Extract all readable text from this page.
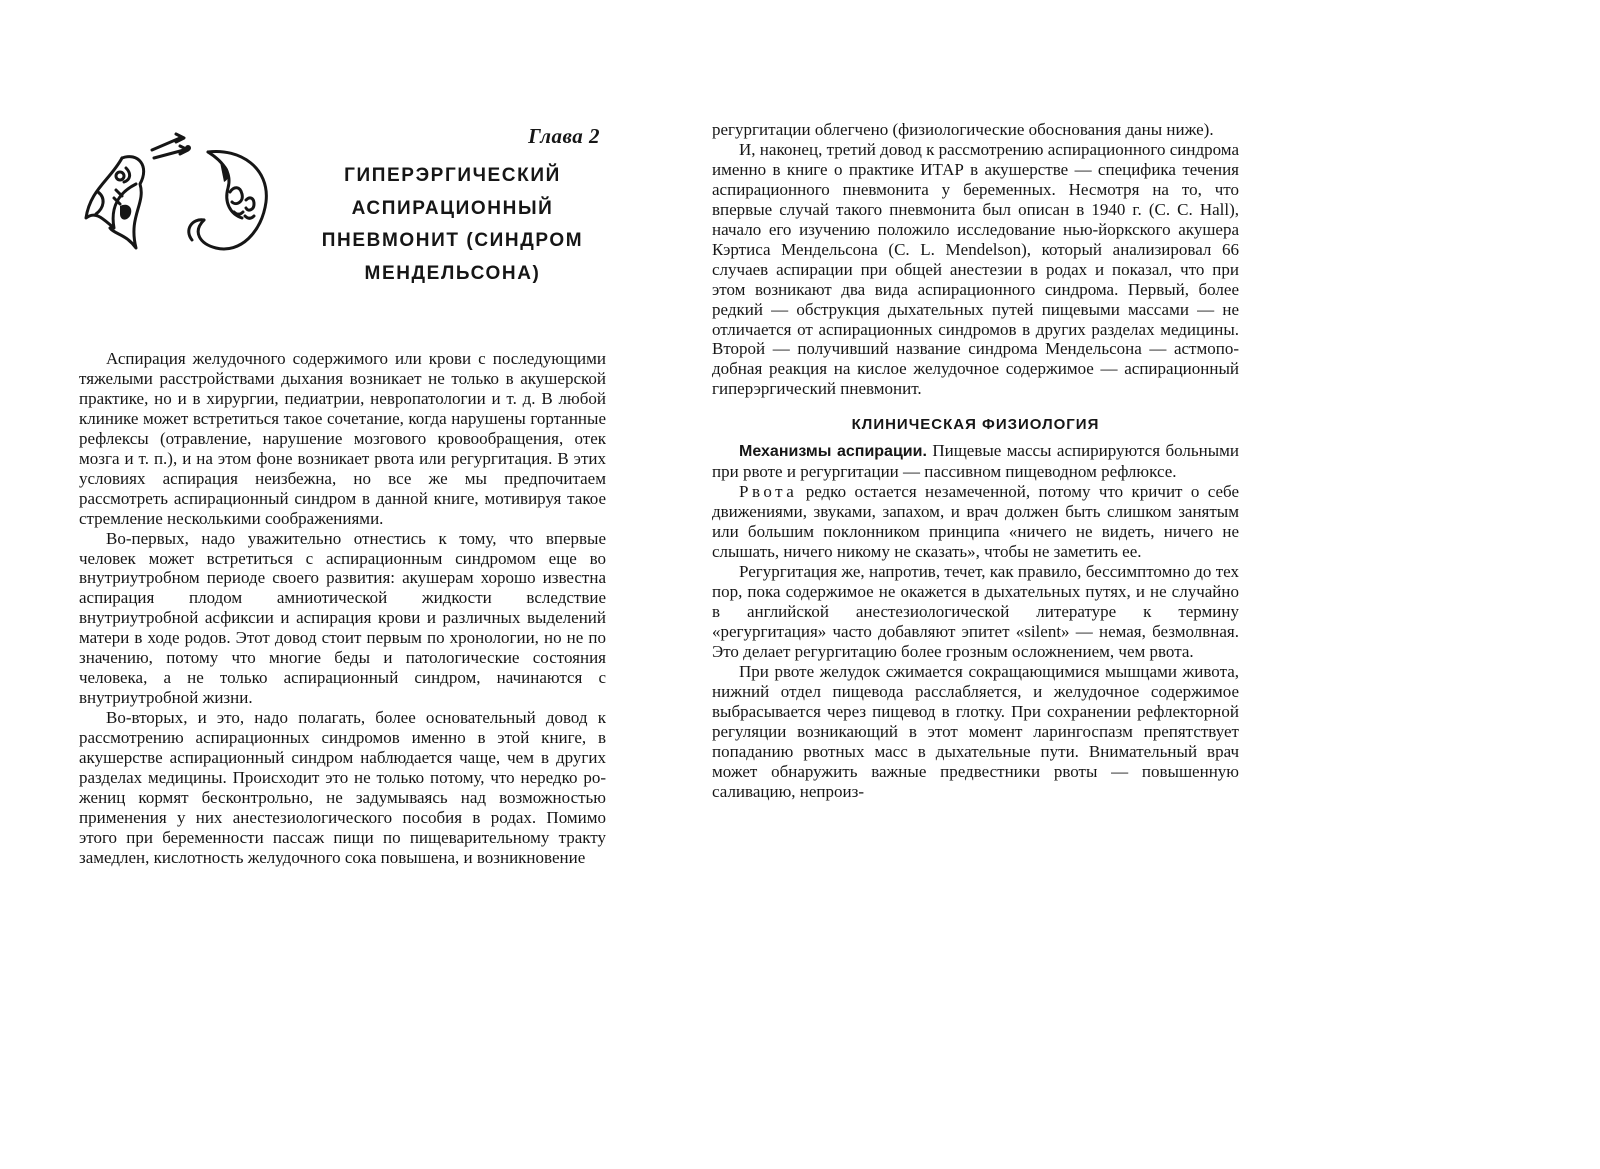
Глава 2

ГИПЕРЭРГИЧЕСКИЙ АСПИРАЦИОННЫЙ ПНЕВМОНИТ (СИНДРОМ МЕНДЕЛЬСОНА)

Аспирация желудочного содержимого или крови с последующими тяжелыми расстройствами дыхания возникает не только в акушерской практике, но и в хирургии, педиатрии, невропатологии и т. д. В любой клинике может встретиться такое сочетание, когда нарушены гортанные рефлексы (отравление, нарушение мозгового кровообращения, отек мозга и т. п.), и на этом фоне возникает рвота или регургитация. В этих условиях аспирация неизбежна, но все же мы предпочитаем рассмотреть аспирационный синдром в данной книге, мотивируя такое стремление несколькими соображениями.

Во-первых, надо уважительно отнестись к тому, что впервые человек может встретиться с аспирационным синдромом еще во внутриутробном периоде своего развития: акушерам хорошо известна аспирация плодом амниотической жидкости вследствие внутриутробной асфиксии и аспирация крови и различных выделений матери в ходе родов. Этот довод стоит первым по хронологии, но не по значению, потому что многие беды и патологические состояния человека, а не только аспирационный синдром, начинаются с внутриутробной жизни.

Во-вторых, и это, надо полагать, более основательный довод к рассмотрению аспирационных синдромов именно в этой книге, в акушерстве аспирационный синдром наблюдается чаще, чем в других разделах медицины. Происходит это не только потому, что нередко рожениц кормят бесконтрольно, не задумываясь над возможностью применения у них анестезиологического пособия в родах. Помимо этого при беременности пассаж пищи по пищеварительному тракту замедлен, кислотность желудочного сока повышена, и возникновение

регургитации облегчено (физиологические обоснования даны ниже).

И, наконец, третий довод к рассмотрению аспирационного синдрома именно в книге о практике ИТАР в акушерстве — специфика течения аспирационного пневмонита у беременных. Несмотря на то, что впервые случай такого пневмонита был описан в 1940 г. (С. С. Hall), начало его изучению положило исследование нью-йоркского акушера Кэртиса Мендельсона (C. L. Mendelson), который анализировал 66 случаев аспирации при общей анестезии в родах и показал, что при этом возникают два вида аспирационного синдрома. Первый, более редкий — обструкция дыхательных путей пищевыми массами — не отличается от аспирационных синдромов в других разделах медицины. Второй — получивший название синдрома Мендельсона — астмоподобная реакция на кислое желудочное содержимое — аспирационный гиперэргический пневмонит.

КЛИНИЧЕСКАЯ ФИЗИОЛОГИЯ

Механизмы аспирации. Пищевые массы аспирируются больными при рвоте и регургитации — пассивном пищеводном рефлюксе.

Рвота редко остается незамеченной, потому что кричит о себе движениями, звуками, запахом, и врач должен быть слишком занятым или большим поклонником принципа «ничего не видеть, ничего не слышать, ничего никому не сказать», чтобы не заметить ее.

Регургитация же, напротив, течет, как правило, бессимптомно до тех пор, пока содержимое не окажется в дыхательных путях, и не случайно в английской анестезиологической литературе к термину «регургитация» часто добавляют эпитет «silent» — немая, безмолвная. Это делает регургитацию более грозным осложнением, чем рвота.

При рвоте желудок сжимается сокращающимися мышцами живота, нижний отдел пищевода расслабляется, и желудочное содержимое выбрасывается через пищевод в глотку. При сохранении рефлекторной регуляции возникающий в этот момент ларингоспазм препятствует попаданию рвотных масс в дыхательные пути. Внимательный врач может обнаружить важные предвестники рвоты — повышенную саливацию, непроиз-
